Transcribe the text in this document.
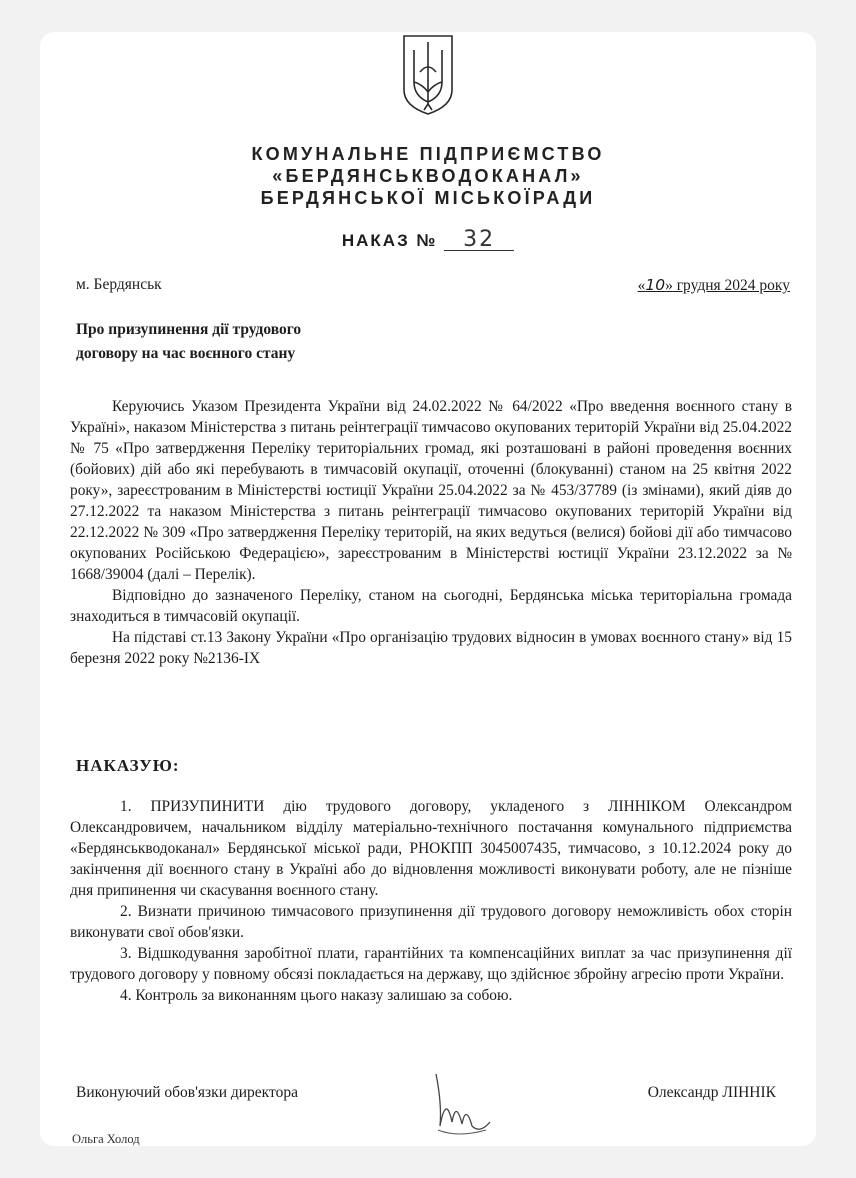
КОМУНАЛЬНЕ ПІДПРИЄМСТВО
«БЕРДЯНСЬКВОДОКАНАЛ»
БЕРДЯНСЬКОЇ МІСЬКОЇРАДИ
НАКАЗ № 32
м. Бердянськ	«10» грудня 2024 року
Про призупинення дії трудового
договору на час воєнного стану

Керуючись Указом Президента України від 24.02.2022 № 64/2022 «Про введення воєнного стану в Україні», наказом Міністерства з питань реінтеграції тимчасово окупованих територій України від 25.04.2022 № 75 «Про затвердження Переліку територіальних громад, які розташовані в районі проведення воєнних (бойових) дій або які перебувають в тимчасовій окупації, оточенні (блокуванні) станом на 25 квітня 2022 року», зареєстрованим в Міністерстві юстиції України 25.04.2022 за № 453/37789 (із змінами), який діяв до 27.12.2022 та наказом Міністерства з питань реінтеграції тимчасово окупованих територій України від 22.12.2022 № 309 «Про затвердження Переліку територій, на яких ведуться (велися) бойові дії або тимчасово окупованих Російською Федерацією», зареєстрованим в Міністерстві юстиції України 23.12.2022 за № 1668/39004 (далі – Перелік).

Відповідно до зазначеного Переліку, станом на сьогодні, Бердянська міська територіальна громада знаходиться в тимчасовій окупації.

На підставі ст.13 Закону України «Про організацію трудових відносин в умовах воєнного стану» від 15 березня 2022 року №2136-IX

НАКАЗУЮ:

1. ПРИЗУПИНИТИ дію трудового договору, укладеного з ЛІННІКОМ Олександром Олександровичем, начальником відділу матеріально-технічного постачання комунального підприємства «Бердянськводоканал» Бердянської міської ради, РНОКПП 3045007435, тимчасово, з 10.12.2024 року до закінчення дії воєнного стану в Україні або до відновлення можливості виконувати роботу, але не пізніше дня припинення чи скасування воєнного стану.

2. Визнати причиною тимчасового призупинення дії трудового договору неможливість обох сторін виконувати свої обов'язки.

3. Відшкодування заробітної плати, гарантійних та компенсаційних виплат за час призупинення дії трудового договору у повному обсязі покладається на державу, що здійснює збройну агресію проти України.

4. Контроль за виконанням цього наказу залишаю за собою.

Виконуючий обов'язки директора	Олександр ЛІННІК
Ольга Холод
